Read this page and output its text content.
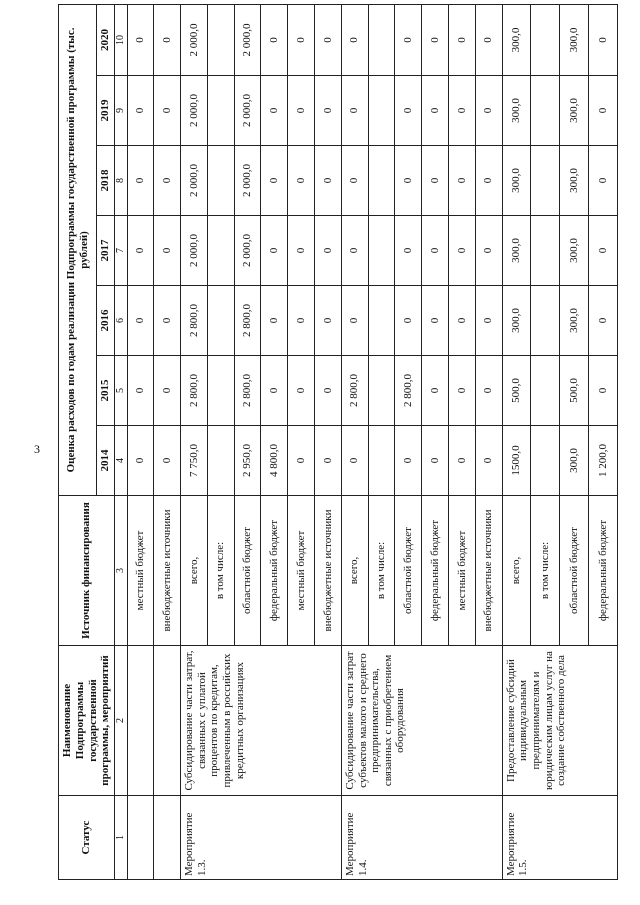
3
Статус	Наименование Подпрограммы государственной программы, мероприятий	Источник финансирования	Оценка расходов по годам реализации Подпрограммы государственной программы (тыс. рублей)						
			2014	2015	2016	2017	2018	2019	2020
1	2	3	4	5	6	7	8	9	10
		местный бюджет	0	0	0	0	0	0	0
		внебюджетные источники	0	0	0	0	0	0	0
Мероприятие 1.3.	Субсидирование части затрат, связанных с уплатой процентов по кредитам, привлеченным в российских кредитных организациях	всего,	7 750,0	2 800,0	2 800,0	2 000,0	2 000,0	2 000,0	2 000,0
		в том числе:							
		областной бюджет	2 950,0	2 800,0	2 800,0	2 000,0	2 000,0	2 000,0	2 000,0
		федеральный бюджет	4 800,0	0	0	0	0	0	0
		местный бюджет	0	0	0	0	0	0	0
		внебюджетные источники	0	0	0	0	0	0	0
Мероприятие 1.4.	Субсидирование части затрат субъектов малого и среднего предпринимательства, связанных с приобретением оборудования	всего,	0	2 800,0	0	0	0	0	0
		в том числе:							
		областной бюджет	0	2 800,0	0	0	0	0	0
		федеральный бюджет	0	0	0	0	0	0	0
		местный бюджет	0	0	0	0	0	0	0
		внебюджетные источники	0	0	0	0	0	0	0
Мероприятие 1.5.	Предоставление субсидий индивидуальным предпринимателям и юридическим лицам услуг на создание собственного дела	всего,	1500,0	500,0	300,0	300,0	300,0	300,0	300,0
		в том числе:							
		областной бюджет	300,0	500,0	300,0	300,0	300,0	300,0	300,0
		федеральный бюджет	1 200,0	0	0	0	0	0	0
